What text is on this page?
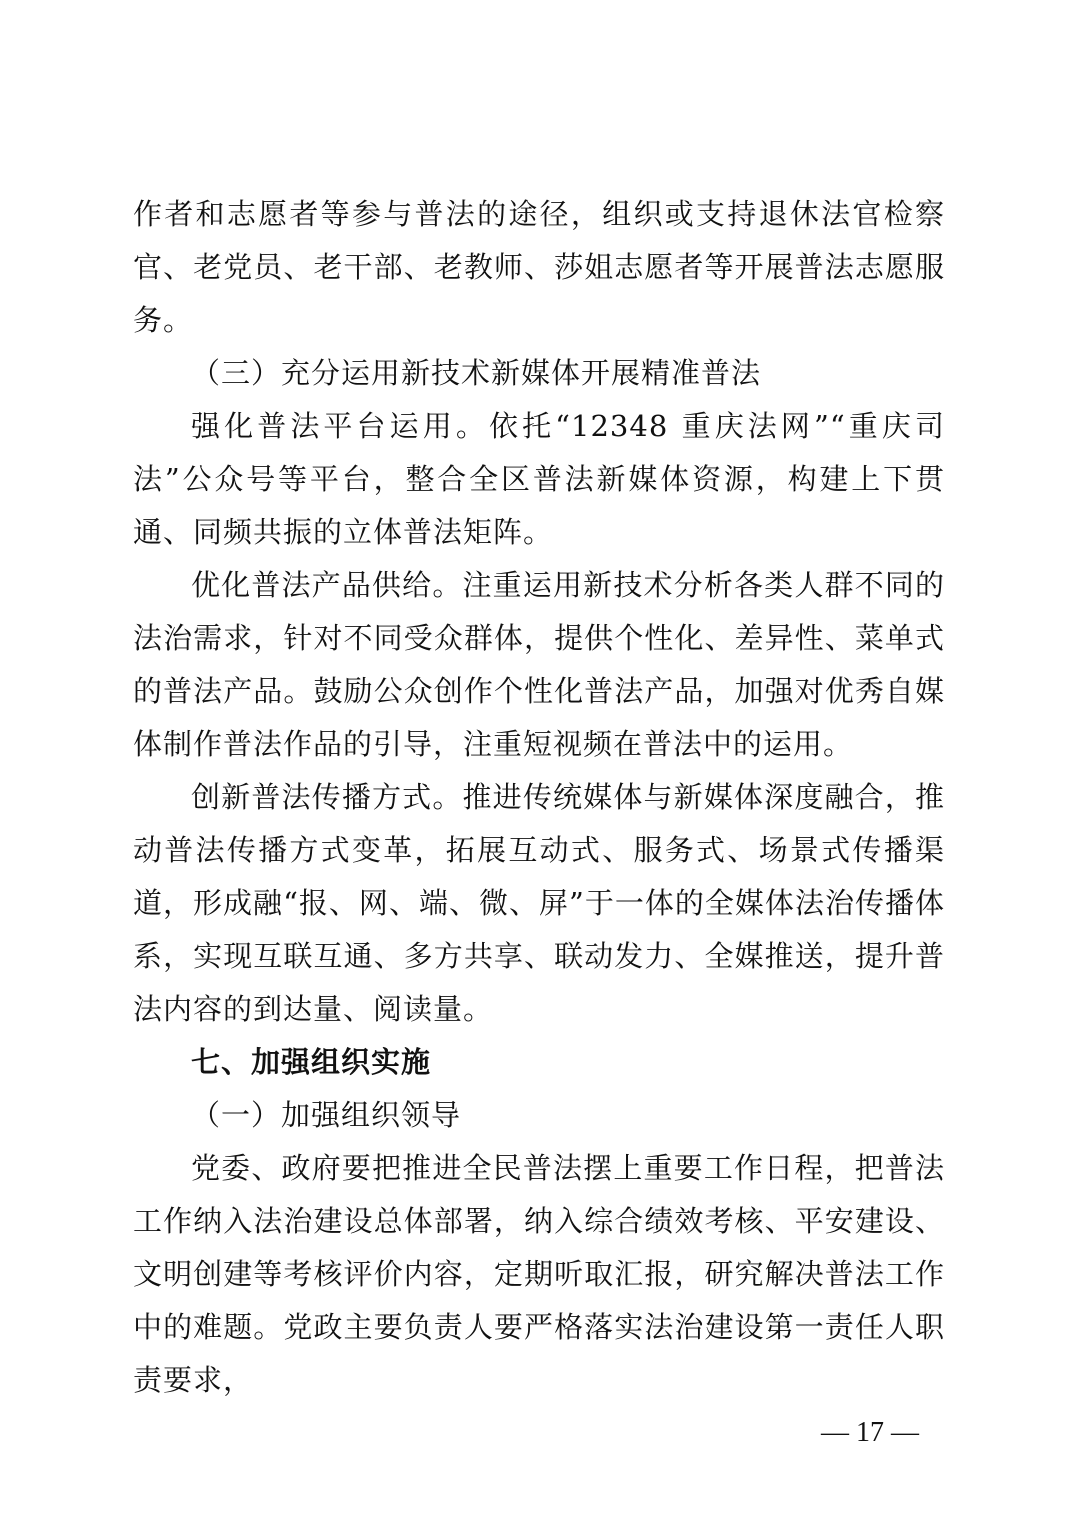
作者和志愿者等参与普法的途径，组织或支持退休法官检察官、老党员、老干部、老教师、莎姐志愿者等开展普法志愿服务。

（三）充分运用新技术新媒体开展精准普法

强化普法平台运用。依托“12348 重庆法网”“重庆司法”公众号等平台，整合全区普法新媒体资源，构建上下贯通、同频共振的立体普法矩阵。

优化普法产品供给。注重运用新技术分析各类人群不同的法治需求，针对不同受众群体，提供个性化、差异性、菜单式的普法产品。鼓励公众创作个性化普法产品，加强对优秀自媒体制作普法作品的引导，注重短视频在普法中的运用。

创新普法传播方式。推进传统媒体与新媒体深度融合，推动普法传播方式变革，拓展互动式、服务式、场景式传播渠道，形成融“报、网、端、微、屏”于一体的全媒体法治传播体系，实现互联互通、多方共享、联动发力、全媒推送，提升普法内容的到达量、阅读量。

七、加强组织实施

（一）加强组织领导

党委、政府要把推进全民普法摆上重要工作日程，把普法工作纳入法治建设总体部署，纳入综合绩效考核、平安建设、文明创建等考核评价内容，定期听取汇报，研究解决普法工作中的难题。党政主要负责人要严格落实法治建设第一责任人职责要求，

— 17 —
